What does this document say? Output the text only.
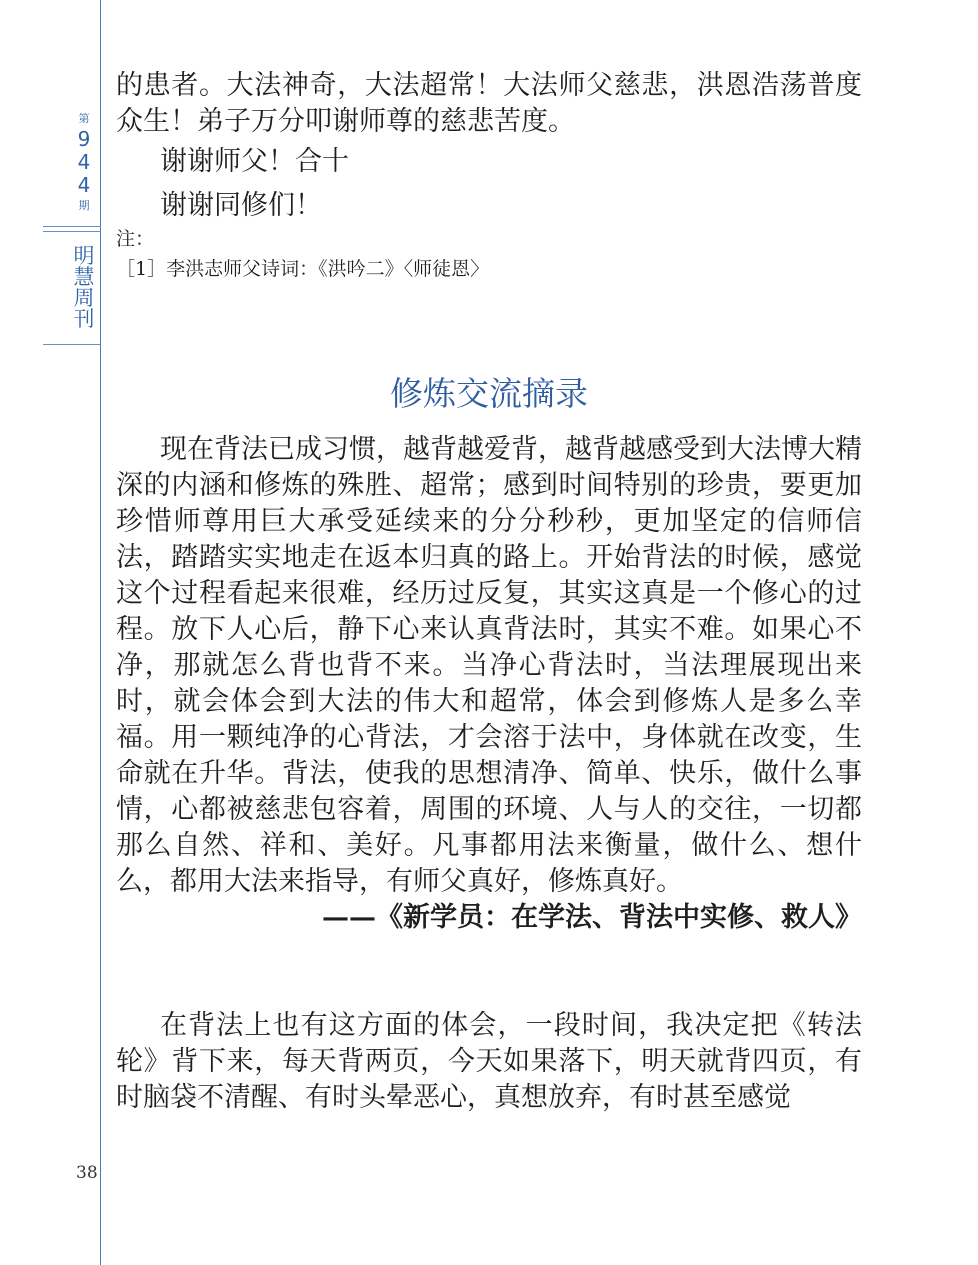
第
9
4
4
期
明
慧
周
刊
38

的患者。大法神奇，大法超常！大法师父慈悲，洪恩浩荡普度众生！弟子万分叩谢师尊的慈悲苦度。

谢谢师父！合十

谢谢同修们！

注：

［1］李洪志师父诗词：《洪吟二》〈师徒恩〉

修炼交流摘录

现在背法已成习惯，越背越爱背，越背越感受到大法博大精深的内涵和修炼的殊胜、超常；感到时间特别的珍贵，要更加珍惜师尊用巨大承受延续来的分分秒秒，更加坚定的信师信法，踏踏实实地走在返本归真的路上。开始背法的时候，感觉这个过程看起来很难，经历过反复，其实这真是一个修心的过程。放下人心后，静下心来认真背法时，其实不难。如果心不净，那就怎么背也背不来。当净心背法时，当法理展现出来时，就会体会到大法的伟大和超常，体会到修炼人是多么幸福。用一颗纯净的心背法，才会溶于法中，身体就在改变，生命就在升华。背法，使我的思想清净、简单、快乐，做什么事情，心都被慈悲包容着，周围的环境、人与人的交往，一切都那么自然、祥和、美好。凡事都用法来衡量，做什么、想什么，都用大法来指导，有师父真好，修炼真好。

——《新学员：在学法、背法中实修、救人》

在背法上也有这方面的体会，一段时间，我决定把《转法轮》背下来，每天背两页，今天如果落下，明天就背四页，有时脑袋不清醒、有时头晕恶心，真想放弃，有时甚至感觉
